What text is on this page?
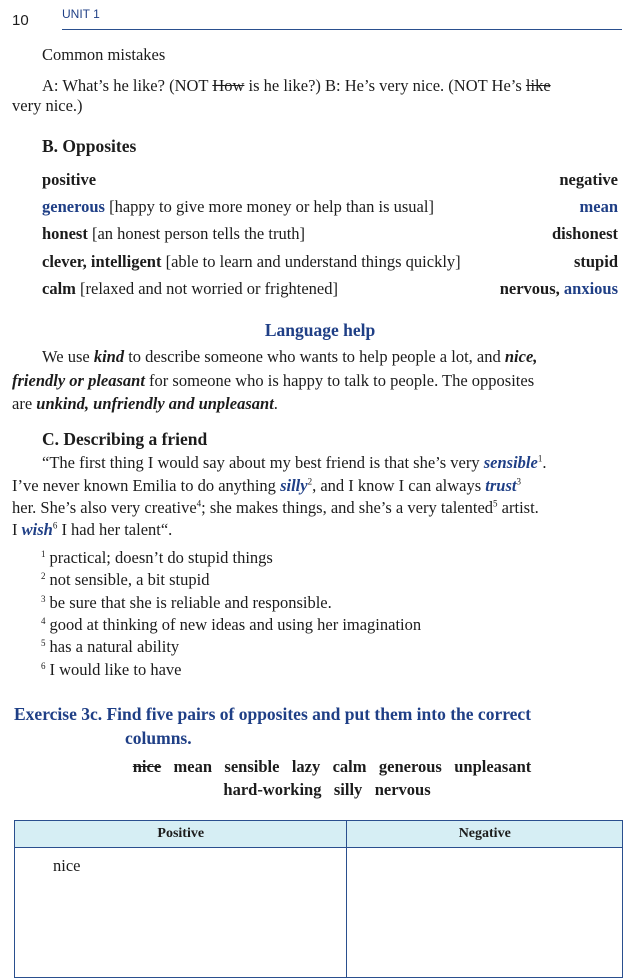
10	UNIT 1
Common mistakes
A: What’s he like? (NOT How is he like?) B: He’s very nice. (NOT He’s like
very nice.)
B. Opposites
positive	negative
generous [happy to give more money or help than is usual]	mean
honest [an honest person tells the truth]	dishonest
clever, intelligent [able to learn and understand things quickly]	stupid
calm [relaxed and not worried or frightened]	nervous, anxious
Language help
We use kind to describe someone who wants to help people a lot, and nice,
friendly or pleasant for someone who is happy to talk to people. The opposites
are unkind, unfriendly and unpleasant.
C. Describing a friend
“The first thing I would say about my best friend is that she’s very sensible$^1$.
I’ve never known Emilia to do anything silly$^2$, and I know I can always trust$^3$
her. She’s also very creative$^4$; she makes things, and she’s a very talented$^5$ artist.
I wish$^6$ I had her talent“.
$^1$ practical; doesn’t do stupid things
$^2$ not sensible, a bit stupid
$^3$ be sure that she is reliable and responsible.
$^4$ good at thinking of new ideas and using her imagination
$^5$ has a natural ability
$^6$ I would like to have
Exercise 3c. Find five pairs of opposites and put them into the correct
columns.
nice mean sensible lazy calm generous unpleasant
hard-working silly nervous
Positive	Negative
nice	
